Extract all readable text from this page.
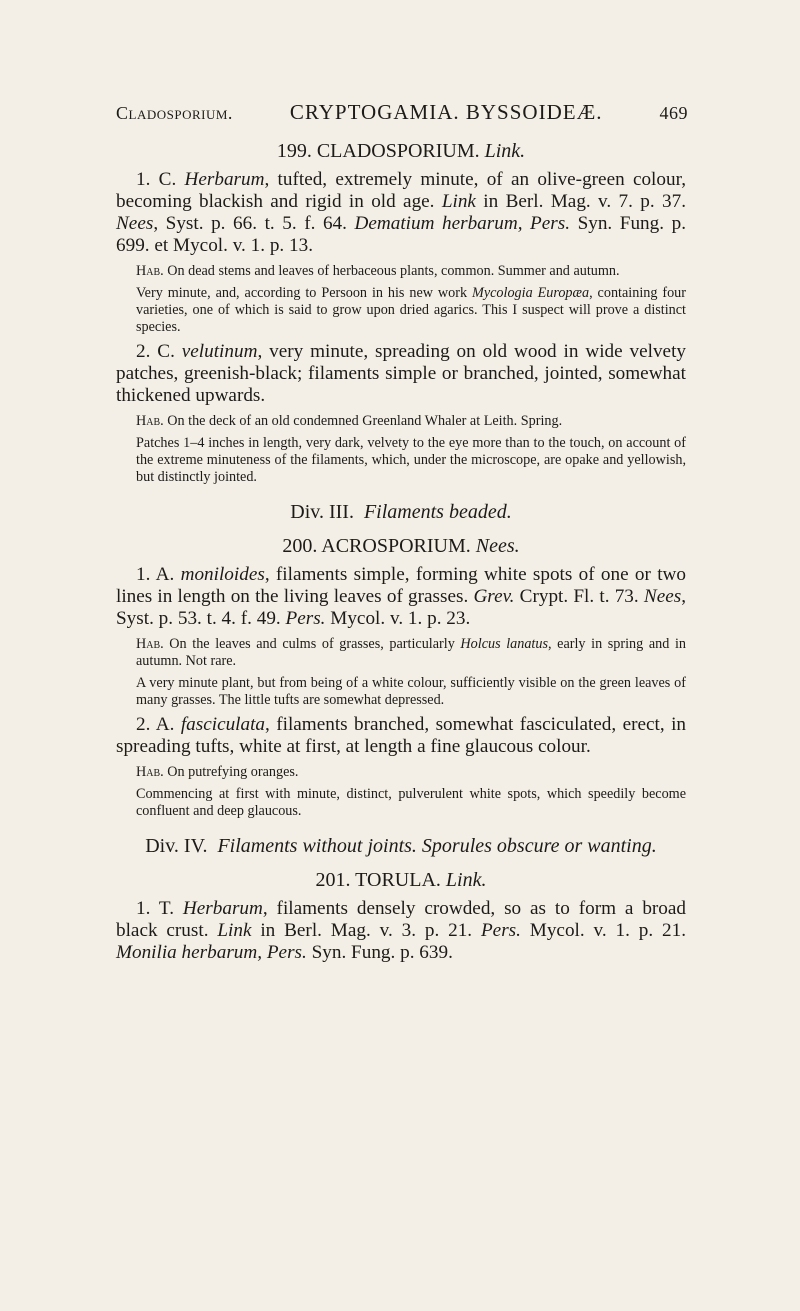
Cladosporium.	CRYPTOGAMIA. BYSSOIDEÆ.	469

199. CLADOSPORIUM. Link.

1. C. Herbarum, tufted, extremely minute, of an olive-green colour, becoming blackish and rigid in old age. Link in Berl. Mag. v. 7. p. 37. Nees, Syst. p. 66. t. 5. f. 64. Dematium herbarum, Pers. Syn. Fung. p. 699. et Mycol. v. 1. p. 13.

Hab. On dead stems and leaves of herbaceous plants, common. Summer and autumn.

Very minute, and, according to Persoon in his new work Mycologia Europæa, containing four varieties, one of which is said to grow upon dried agarics. This I suspect will prove a distinct species.

2. C. velutinum, very minute, spreading on old wood in wide velvety patches, greenish-black; filaments simple or branched, jointed, somewhat thickened upwards.

Hab. On the deck of an old condemned Greenland Whaler at Leith. Spring.

Patches 1–4 inches in length, very dark, velvety to the eye more than to the touch, on account of the extreme minuteness of the filaments, which, under the microscope, are opake and yellowish, but distinctly jointed.

Div. III. Filaments beaded.

200. ACROSPORIUM. Nees.

1. A. moniloides, filaments simple, forming white spots of one or two lines in length on the living leaves of grasses. Grev. Crypt. Fl. t. 73. Nees, Syst. p. 53. t. 4. f. 49. Pers. Mycol. v. 1. p. 23.

Hab. On the leaves and culms of grasses, particularly Holcus lanatus, early in spring and in autumn. Not rare.

A very minute plant, but from being of a white colour, sufficiently visible on the green leaves of many grasses. The little tufts are somewhat depressed.

2. A. fasciculata, filaments branched, somewhat fasciculated, erect, in spreading tufts, white at first, at length a fine glaucous colour.

Hab. On putrefying oranges.

Commencing at first with minute, distinct, pulverulent white spots, which speedily become confluent and deep glaucous.

Div. IV. Filaments without joints. Sporules obscure or wanting.

201. TORULA. Link.

1. T. Herbarum, filaments densely crowded, so as to form a broad black crust. Link in Berl. Mag. v. 3. p. 21. Pers. Mycol. v. 1. p. 21. Monilia herbarum, Pers. Syn. Fung. p. 639.
